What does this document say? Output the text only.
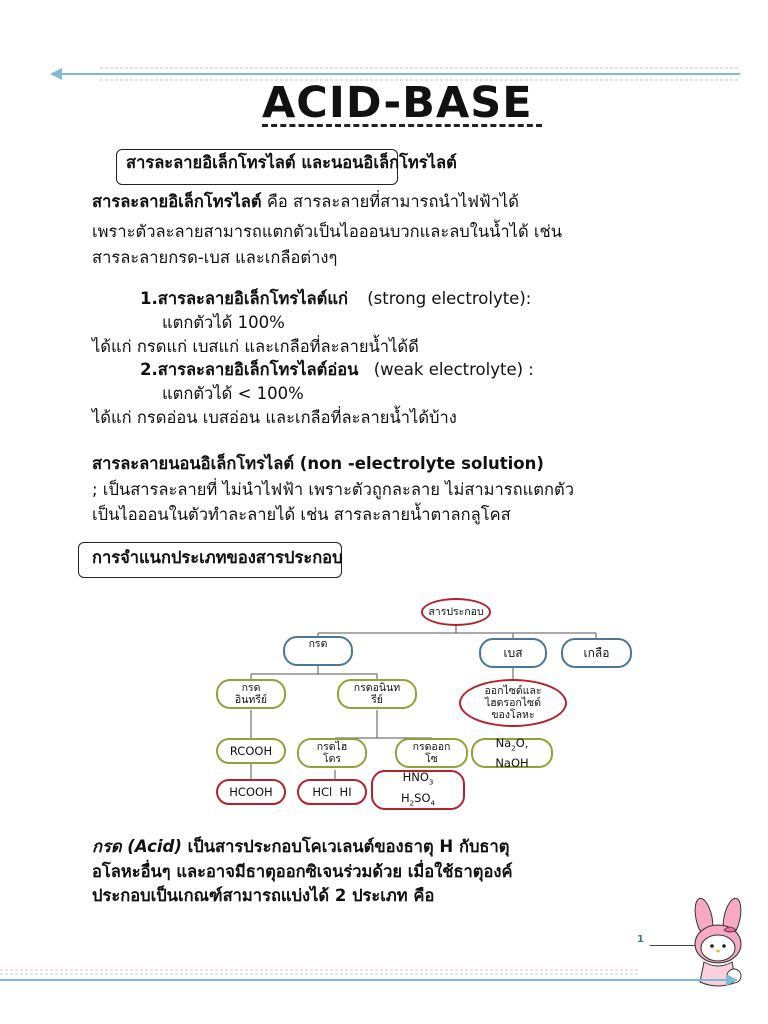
ACID-BASE
สารละลายอิเล็กโทรไลต์ และนอนอิเล็กโทรไลต์
สารละลายอิเล็กโทรไลต์ คือ สารละลายที่สามารถนำไฟฟ้าได้
เพราะตัวละลายสามารถแตกตัวเป็นไอออนบวกและลบในน้ำได้ เช่น
สารละลายกรด-เบส และเกลือต่างๆ
1.สารละลายอิเล็กโทรไลต์แก่ (strong electrolyte):
แตกตัวได้ 100%
ได้แก่ กรดแก่ เบสแก่ และเกลือที่ละลายน้ำได้ดี
2.สารละลายอิเล็กโทรไลต์อ่อน (weak electrolyte) :
แตกตัวได้ < 100%
ได้แก่ กรดอ่อน เบสอ่อน และเกลือที่ละลายน้ำได้บ้าง
สารละลายนอนอิเล็กโทรไลต์ (non -electrolyte solution)
; เป็นสารละลายที่ ไม่นำไฟฟ้า เพราะตัวถูกละลาย ไม่สามารถแตกตัว
เป็นไอออนในตัวทำละลายได้ เช่น สารละลายน้ำตาลกลูโคส
การจำแนกประเภทของสารประกอบ
สารประกอบ
กรด
เบส	เกลือ
กรดอินทรีย์
กรดอนินทรีย์
ออกไซด์และไฮดรอกไซด์ของโลหะ
RCOOH	กรดไฮโดร
กรดออกโซ
$Na_2O$,
NaOH
HCOOH	HCl  HI
$HNO_3$
$H_2SO_4$
กรด (Acid) เป็นสารประกอบโคเวเลนต์ของธาตุ H กับธาตุ
อโลหะอื่นๆ และอาจมีธาตุออกซิเจนร่วมด้วย เมื่อใช้ธาตุองค์
ประกอบเป็นเกณฑ์สามารถแบ่งได้ 2 ประเภท คือ
1
